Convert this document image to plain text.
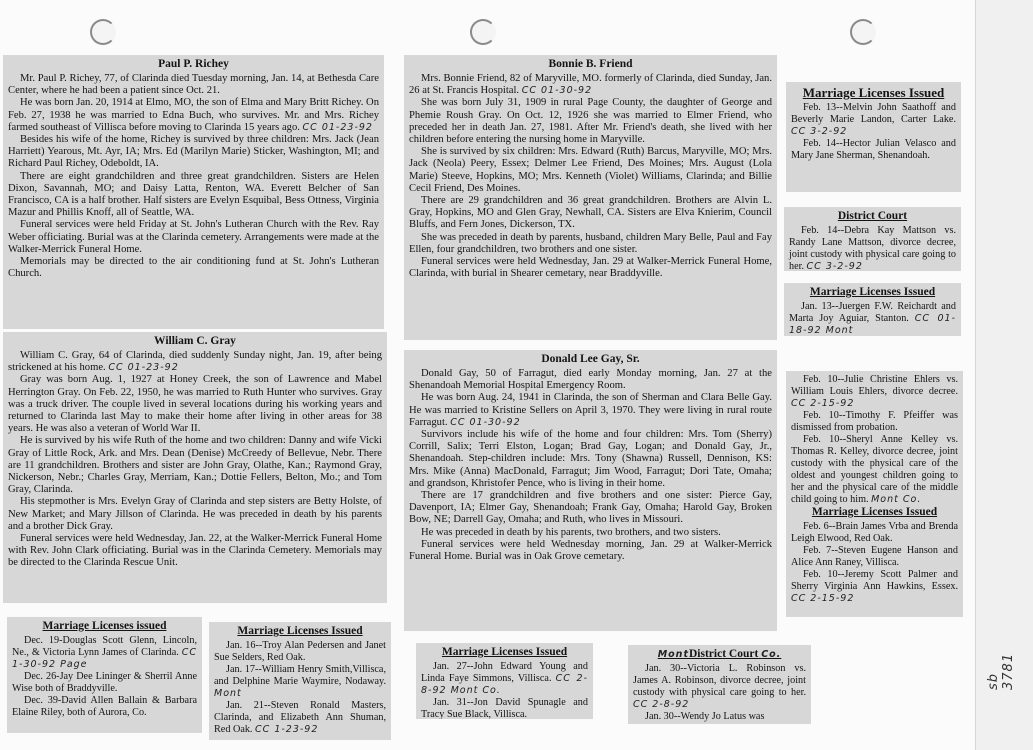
Paul P. Richey

Mr. Paul P. Richey, 77, of Clarinda died Tuesday morning, Jan. 14, at Bethesda Care Center, where he had been a patient since Oct. 21.

He was born Jan. 20, 1914 at Elmo, MO, the son of Elma and Mary Britt Richey. On Feb. 27, 1938 he was married to Edna Buch, who survives. Mr. and Mrs. Richey farmed southeast of Villisca before moving to Clarinda 15 years ago. CC 01-23-92

Besides his wife of the home, Richey is survived by three children: Mrs. Jack (Jean Harriett) Yearous, Mt. Ayr, IA; Mrs. Ed (Marilyn Marie) Sticker, Washington, MI; and Richard Paul Richey, Odeboldt, IA.

There are eight grandchildren and three great grandchildren. Sisters are Helen Dixon, Savannah, MO; and Daisy Latta, Renton, WA. Everett Belcher of San Francisco, CA is a half brother. Half sisters are Evelyn Esquibal, Bess Ottness, Virginia Mazur and Phillis Knoff, all of Seattle, WA.

Funeral services were held Friday at St. John's Lutheran Church with the Rev. Ray Weber officiating. Burial was at the Clarinda cemetery. Arrangements were made at the Walker-Merrick Funeral Home.

Memorials may be directed to the air conditioning fund at St. John's Lutheran Church.

William C. Gray

William C. Gray, 64 of Clarinda, died suddenly Sunday night, Jan. 19, after being strickened at his home. CC 01-23-92

Gray was born Aug. 1, 1927 at Honey Creek, the son of Lawrence and Mabel Herrington Gray. On Feb. 22, 1950, he was married to Ruth Hunter who survives. Gray was a truck driver. The couple lived in several locations during his working years and returned to Clarinda last May to make their home after living in other areas for 38 years. He was also a veteran of World War II.

He is survived by his wife Ruth of the home and two children: Danny and wife Vicki Gray of Little Rock, Ark. and Mrs. Dean (Denise) McCreedy of Bellevue, Nebr. There are 11 grandchildren. Brothers and sister are John Gray, Olathe, Kan.; Raymond Gray, Nickerson, Nebr.; Charles Gray, Merriam, Kan.; Dottie Fellers, Belton, Mo.; and Tom Gray, Clarinda.

His stepmother is Mrs. Evelyn Gray of Clarinda and step sisters are Betty Holste, of New Market; and Mary Jillson of Clarinda. He was preceded in death by his parents and a brother Dick Gray.

Funeral services were held Wednesday, Jan. 22, at the Walker-Merrick Funeral Home with Rev. John Clark officiating. Burial was in the Clarinda Cemetery. Memorials may be directed to the Clarinda Rescue Unit.

Bonnie B. Friend

Mrs. Bonnie Friend, 82 of Maryville, MO. formerly of Clarinda, died Sunday, Jan. 26 at St. Francis Hospital. CC 01-30-92

She was born July 31, 1909 in rural Page County, the daughter of George and Phemie Roush Gray. On Oct. 12, 1926 she was married to Elmer Friend, who preceded her in death Jan. 27, 1981. After Mr. Friend's death, she lived with her children before entering the nursing home in Maryville.

She is survived by six children: Mrs. Edward (Ruth) Barcus, Maryville, MO; Mrs. Jack (Neola) Peery, Essex; Delmer Lee Friend, Des Moines; Mrs. August (Lola Marie) Steeve, Hopkins, MO; Mrs. Kenneth (Violet) Williams, Clarinda; and Billie Cecil Friend, Des Moines.

There are 29 grandchildren and 36 great grandchildren. Brothers are Alvin L. Gray, Hopkins, MO and Glen Gray, Newhall, CA. Sisters are Elva Knierim, Council Bluffs, and Fern Jones, Dickerson, TX.

She was preceded in death by parents, husband, children Mary Belle, Paul and Fay Ellen, four grandchildren, two brothers and one sister.

Funeral services were held Wednesday, Jan. 29 at Walker-Merrick Funeral Home, Clarinda, with burial in Shearer cemetary, near Braddyville.

Donald Lee Gay, Sr.

Donald Gay, 50 of Farragut, died early Monday morning, Jan. 27 at the Shenandoah Memorial Hospital Emergency Room.

He was born Aug. 24, 1941 in Clarinda, the son of Sherman and Clara Belle Gay. He was married to Kristine Sellers on April 3, 1970. They were living in rural route Farragut. CC 01-30-92

Survivors include his wife of the home and four children: Mrs. Tom (Sherry) Corrill, Salix; Terri Elston, Logan; Brad Gay, Logan; and Donald Gay, Jr., Shenandoah. Step-children include: Mrs. Tony (Shawna) Russell, Dennison, KS: Mrs. Mike (Anna) MacDonald, Farragut; Jim Wood, Farragut; Dori Tate, Omaha; and grandson, Khristofer Pence, who is living in their home.

There are 17 grandchildren and five brothers and one sister: Pierce Gay, Davenport, IA; Elmer Gay, Shenandoah; Frank Gay, Omaha; Harold Gay, Broken Bow, NE; Darrell Gay, Omaha; and Ruth, who lives in Missouri.

He was preceded in death by his parents, two brothers, and two sisters.

Funeral services were held Wednesday morning, Jan. 29 at Walker-Merrick Funeral Home. Burial was in Oak Grove cemetary.

Marriage Licenses issued

Dec. 19-Douglas Scott Glenn, Lincoln, Ne., & Victoria Lynn James of Clarinda. CC 1-30-92 Page

Dec. 26-Jay Dee Lininger & Sherril Anne Wise both of Braddyville.

Dec. 39-David Allen Ballain & Barbara Elaine Riley, both of Aurora, Co.

Marriage Licenses Issued

Jan. 16--Troy Alan Pedersen and Janet Sue Selders, Red Oak.

Jan. 17--William Henry Smith,Villisca, and Delphine Marie Waymire, Nodaway. Mont

Jan. 21--Steven Ronald Masters, Clarinda, and Elizabeth Ann Shuman, Red Oak. CC 1-23-92

Marriage Licenses Issued

Jan. 27--John Edward Young and Linda Faye Simmons, Villisca. CC 2-8-92 Mont Co.

Jan. 31--Jon David Spunagle and Tracy Sue Black, Villisca.

MontDistrict Court Co.

Jan. 30--Victoria L. Robinson vs. James A. Robinson, divorce decree, joint custody with physical care going to her. CC 2-8-92

Jan. 30--Wendy Jo Latus was

Marriage Licenses Issued

Feb. 13--Melvin John Saathoff and Beverly Marie Landon, Carter Lake. CC 3-2-92

Feb. 14--Hector Julian Velasco and Mary Jane Sherman, Shenandoah.

District Court

Feb. 14--Debra Kay Mattson vs. Randy Lane Mattson, divorce decree, joint custody with physical care going to her. CC 3-2-92

Marriage Licenses Issued

Jan. 13--Juergen F.W. Reichardt and Marta Joy Aguiar, Stanton. CC 01-18-92 Mont

Feb. 10--Julie Christine Ehlers vs. William Louis Ehlers, divorce decree. CC 2-15-92

Feb. 10--Timothy F. Pfeiffer was dismissed from probation.

Feb. 10--Sheryl Anne Kelley vs. Thomas R. Kelley, divorce decree, joint custody with the physical care of the oldest and youngest children going to her and the physical care of the middle child going to him. Mont Co.

Marriage Licenses Issued

Feb. 6--Brain James Vrba and Brenda Leigh Elwood, Red Oak.

Feb. 7--Steven Eugene Hanson and Alice Ann Raney, Villisca.

Feb. 10--Jeremy Scott Palmer and Sherry Virginia Ann Hawkins, Essex. CC 2-15-92

sb 3781
